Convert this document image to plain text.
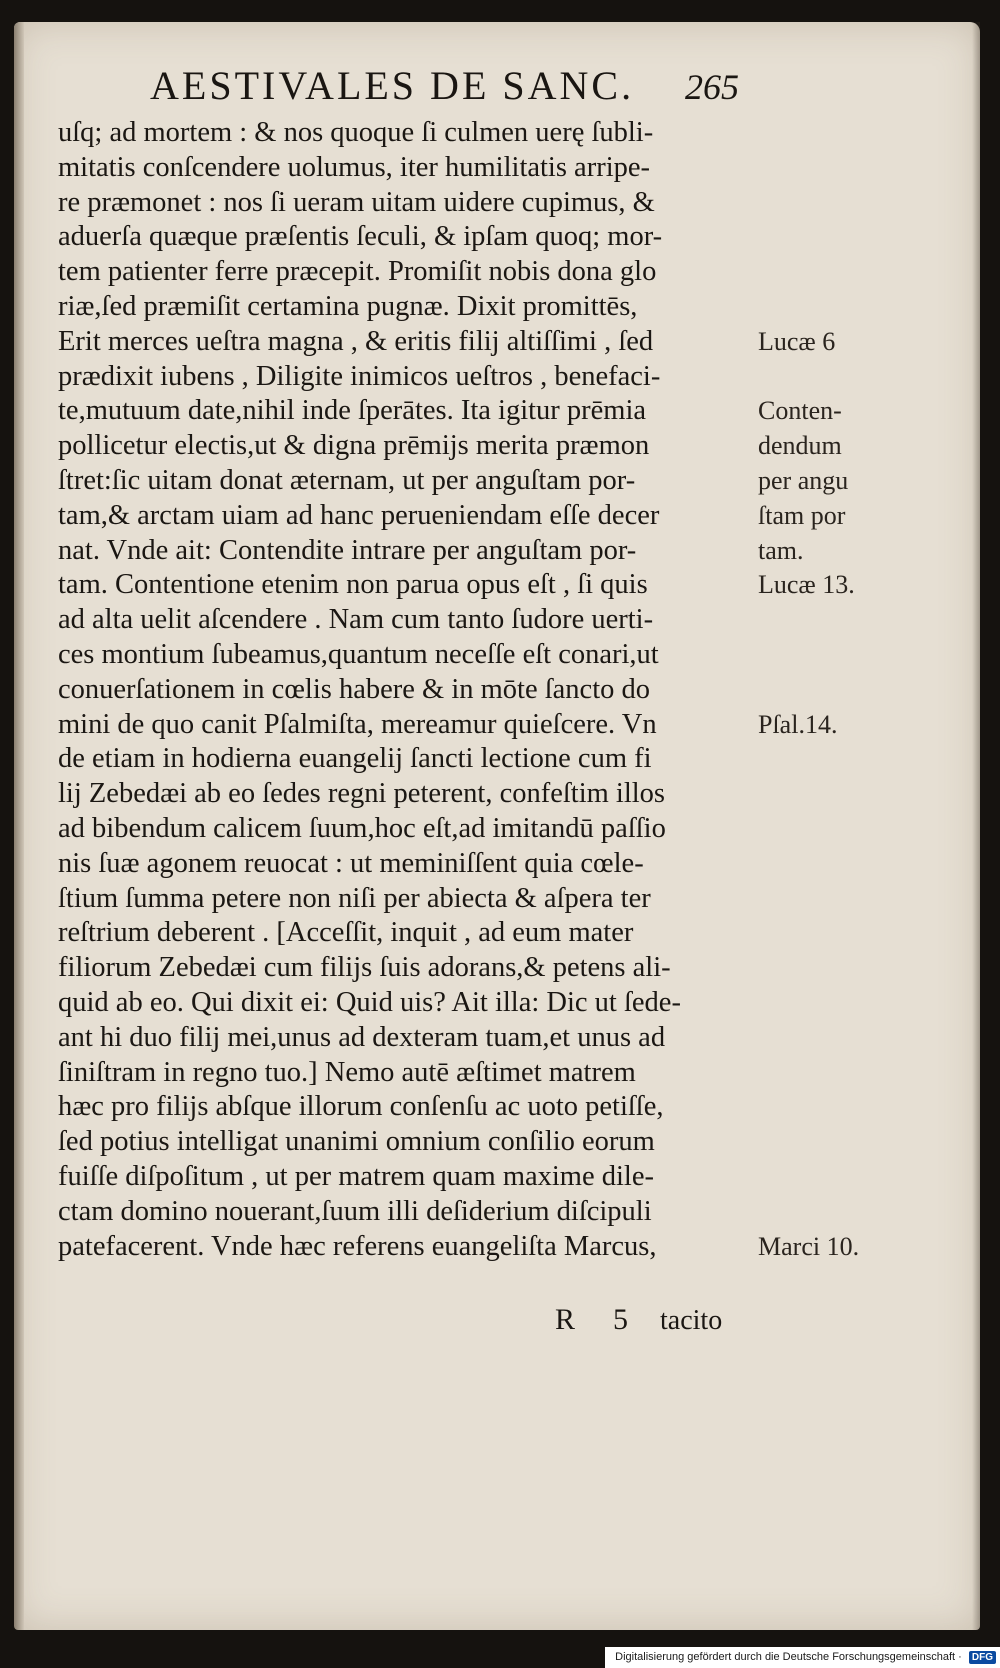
AESTIVALES DE SANC. 265
uſq; ad mortem : & nos quoque ſi culmen uerę ſubli-
mitatis conſcendere uolumus, iter humilitatis arripe-
re præmonet : nos ſi ueram uitam uidere cupimus, &
aduerſa quæque præſentis ſeculi, & ipſam quoq; mor-
tem patienter ferre præcepit. Promiſit nobis dona glo
riæ,ſed præmiſit certamina pugnæ. Dixit promittēs,
Erit merces ueſtra magna , & eritis filij altiſſimi , ſed
prædixit iubens , Diligite inimicos ueſtros , benefaci-
te,mutuum date,nihil inde ſperātes. Ita igitur prēmia
pollicetur electis,ut & digna prēmijs merita præmon
ſtret:ſic uitam donat æternam, ut per anguſtam por-
tam,& arctam uiam ad hanc perueniendam eſſe decer
nat. Vnde ait: Contendite intrare per anguſtam por-
tam. Contentione etenim non parua opus eſt , ſi quis
ad alta uelit aſcendere . Nam cum tanto ſudore uerti-
ces montium ſubeamus,quantum neceſſe eſt conari,ut
conuerſationem in cœlis habere & in mōte ſancto do
mini de quo canit Pſalmiſta, mereamur quieſcere. Vn
de etiam in hodierna euangelij ſancti lectione cum fi
lij Zebedæi ab eo ſedes regni peterent, confeſtim illos
ad bibendum calicem ſuum,hoc eſt,ad imitandū paſſio
nis ſuæ agonem reuocat : ut meminiſſent quia cœle-
ſtium ſumma petere non niſi per abiecta & aſpera ter
reſtrium deberent . [Acceſſit, inquit , ad eum mater
filiorum Zebedæi cum filijs ſuis adorans,& petens ali-
quid ab eo. Qui dixit ei: Quid uis? Ait illa: Dic ut ſede-
ant hi duo filij mei,unus ad dexteram tuam,et unus ad
ſiniſtram in regno tuo.] Nemo autē æſtimet matrem
hæc pro filijs abſque illorum conſenſu ac uoto petiſſe,
ſed potius intelligat unanimi omnium conſilio eorum
fuiſſe diſpoſitum , ut per matrem quam maxime dile-
ctam domino nouerant,ſuum illi deſiderium diſcipuli
patefacerent. Vnde hæc referens euangeliſta Marcus,
Lucæ 6
Conten-
dendum
per angu
ſtam por
tam.
Lucæ 13.
Pſal.14.
Marci 10.
R 5 tacito
Digitalisierung gefördert durch die Deutsche Forschungsgemeinschaft · DFG
